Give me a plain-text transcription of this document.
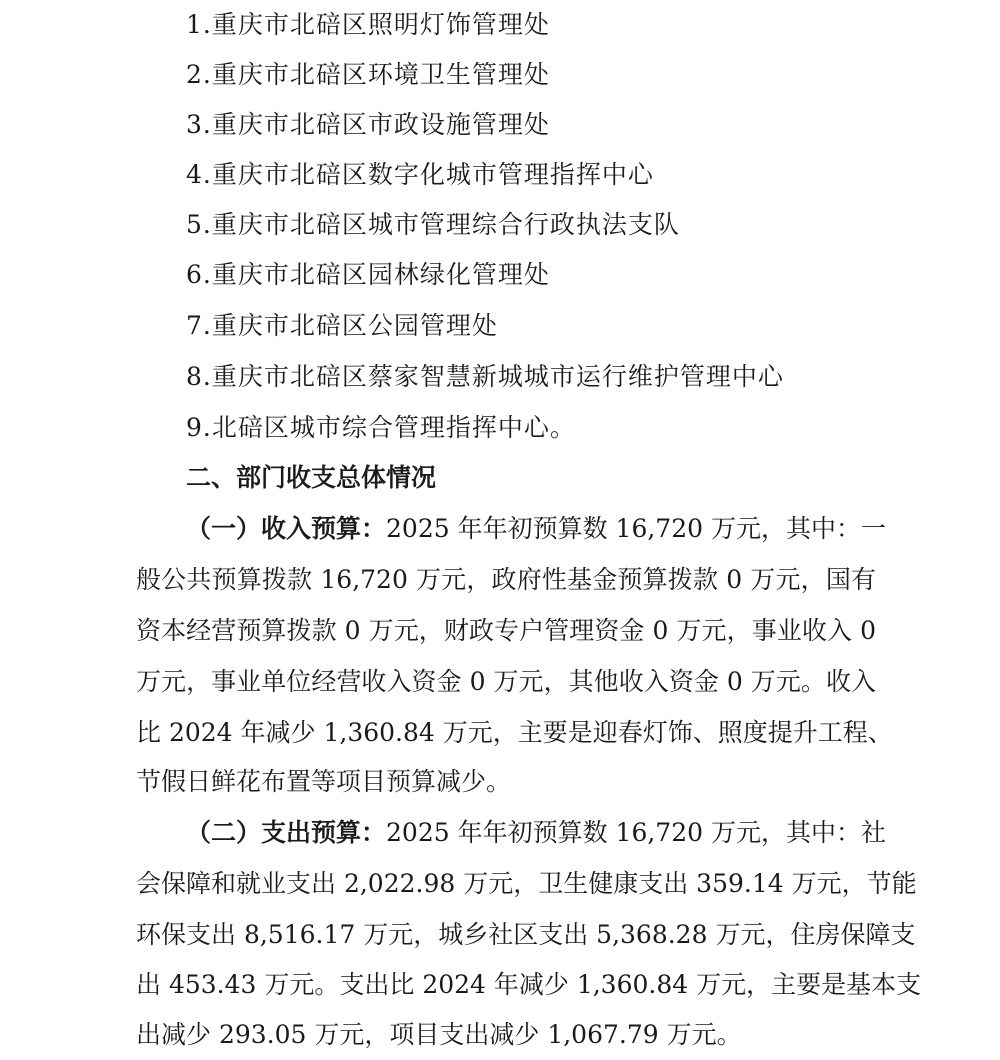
1.重庆市北碚区照明灯饰管理处
2.重庆市北碚区环境卫生管理处
3.重庆市北碚区市政设施管理处
4.重庆市北碚区数字化城市管理指挥中心
5.重庆市北碚区城市管理综合行政执法支队
6.重庆市北碚区园林绿化管理处
7.重庆市北碚区公园管理处
8.重庆市北碚区蔡家智慧新城城市运行维护管理中心
9.北碚区城市综合管理指挥中心。
二、部门收支总体情况
（一）收入预算：2025 年年初预算数 16,720 万元，其中：一
般公共预算拨款 16,720 万元，政府性基金预算拨款 0 万元，国有
资本经营预算拨款 0 万元，财政专户管理资金 0 万元，事业收入 0
万元，事业单位经营收入资金 0 万元，其他收入资金 0 万元。收入
比 2024 年减少 1,360.84 万元，主要是迎春灯饰、照度提升工程、
节假日鲜花布置等项目预算减少。
（二）支出预算：2025 年年初预算数 16,720 万元，其中：社
会保障和就业支出 2,022.98 万元，卫生健康支出 359.14 万元，节能
环保支出 8,516.17 万元，城乡社区支出 5,368.28 万元，住房保障支
出 453.43 万元。支出比 2024 年减少 1,360.84 万元，主要是基本支
出减少 293.05 万元，项目支出减少 1,067.79 万元。
